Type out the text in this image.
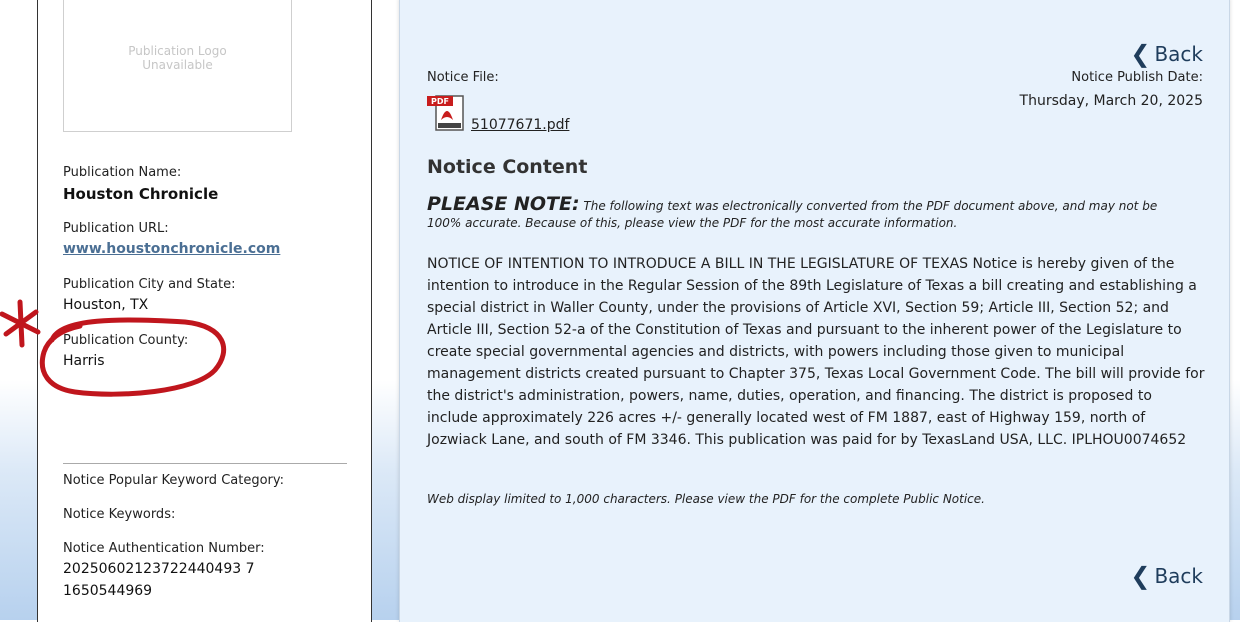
Publication Logo Unavailable
Publication Name:
Houston Chronicle
Publication URL:
www.houstonchronicle.com
Publication City and State:
Houston, TX
Publication County:
Harris
Notice Popular Keyword Category:
Notice Keywords:
Notice Authentication Number:
20250602123722440493 7
1650544969
❮ Back
Notice File:	Notice Publish Date:
Thursday, March 20, 2025
PDF
51077671.pdf
Notice Content
PLEASE NOTE: The following text was electronically converted from the PDF document above, and may not be 100% accurate. Because of this, please view the PDF for the most accurate information.
NOTICE OF INTENTION TO INTRODUCE A BILL IN THE LEGISLATURE OF TEXAS Notice is hereby given of the intention to introduce in the Regular Session of the 89th Legislature of Texas a bill creating and establishing a special district in Waller County, under the provisions of Article XVI, Section 59; Article III, Section 52; and Article III, Section 52-a of the Constitution of Texas and pursuant to the inherent power of the Legislature to create special governmental agencies and districts, with powers including those given to municipal management districts created pursuant to Chapter 375, Texas Local Government Code. The bill will provide for the district's administration, powers, name, duties, operation, and financing. The district is proposed to include approximately 226 acres +/- generally located west of FM 1887, east of Highway 159, north of Jozwiack Lane, and south of FM 3346. This publication was paid for by TexasLand USA, LLC. IPLHOU0074652
Web display limited to 1,000 characters. Please view the PDF for the complete Public Notice.
❮ Back
